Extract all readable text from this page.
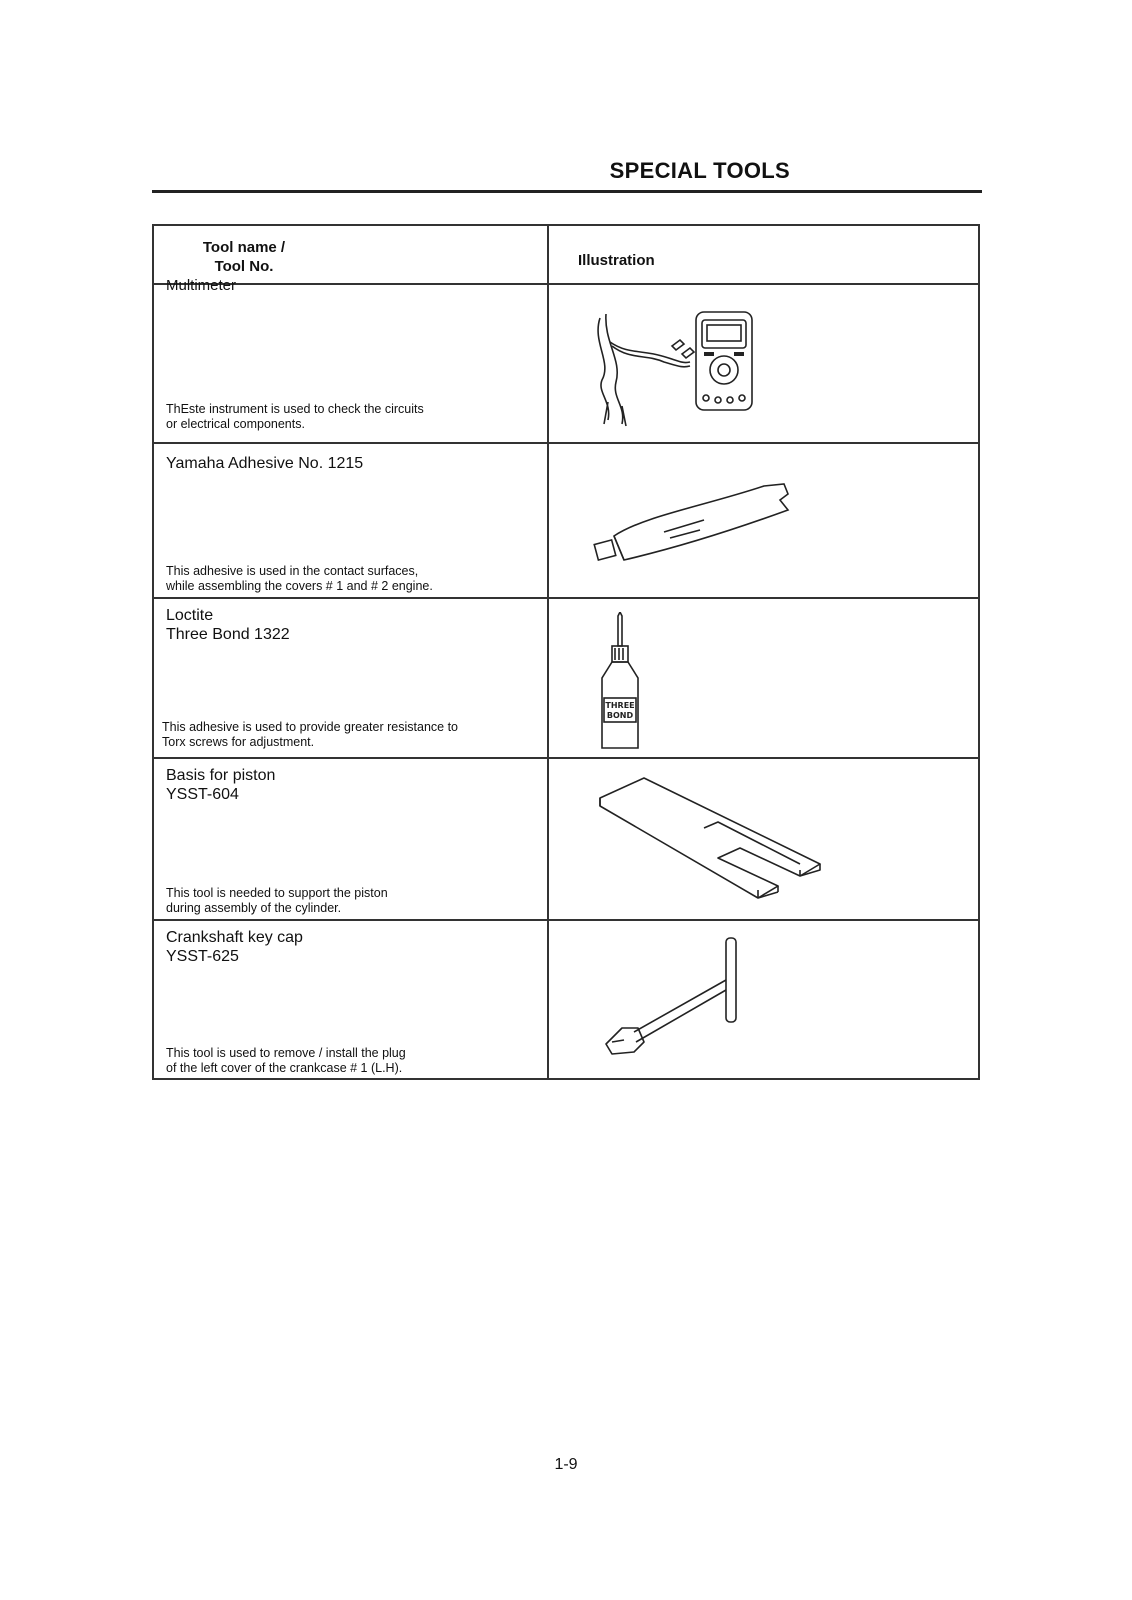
SPECIAL TOOLS
Tool name /
Tool No.	Illustration
Multimeter
ThEste instrument is used to check the circuits
or electrical components.
Yamaha Adhesive No. 1215
This adhesive is used in the contact surfaces,
while assembling the covers # 1 and # 2 engine.
Loctite
Three Bond 1322
This adhesive is used to provide greater resistance to
Torx screws for adjustment.
THREE
BOND
Basis for piston
YSST-604
This tool is needed to support the piston
during assembly of the cylinder.
Crankshaft key cap
YSST-625
This tool is used to remove / install the plug
of the left cover of the crankcase # 1 (L.H).
1-9
